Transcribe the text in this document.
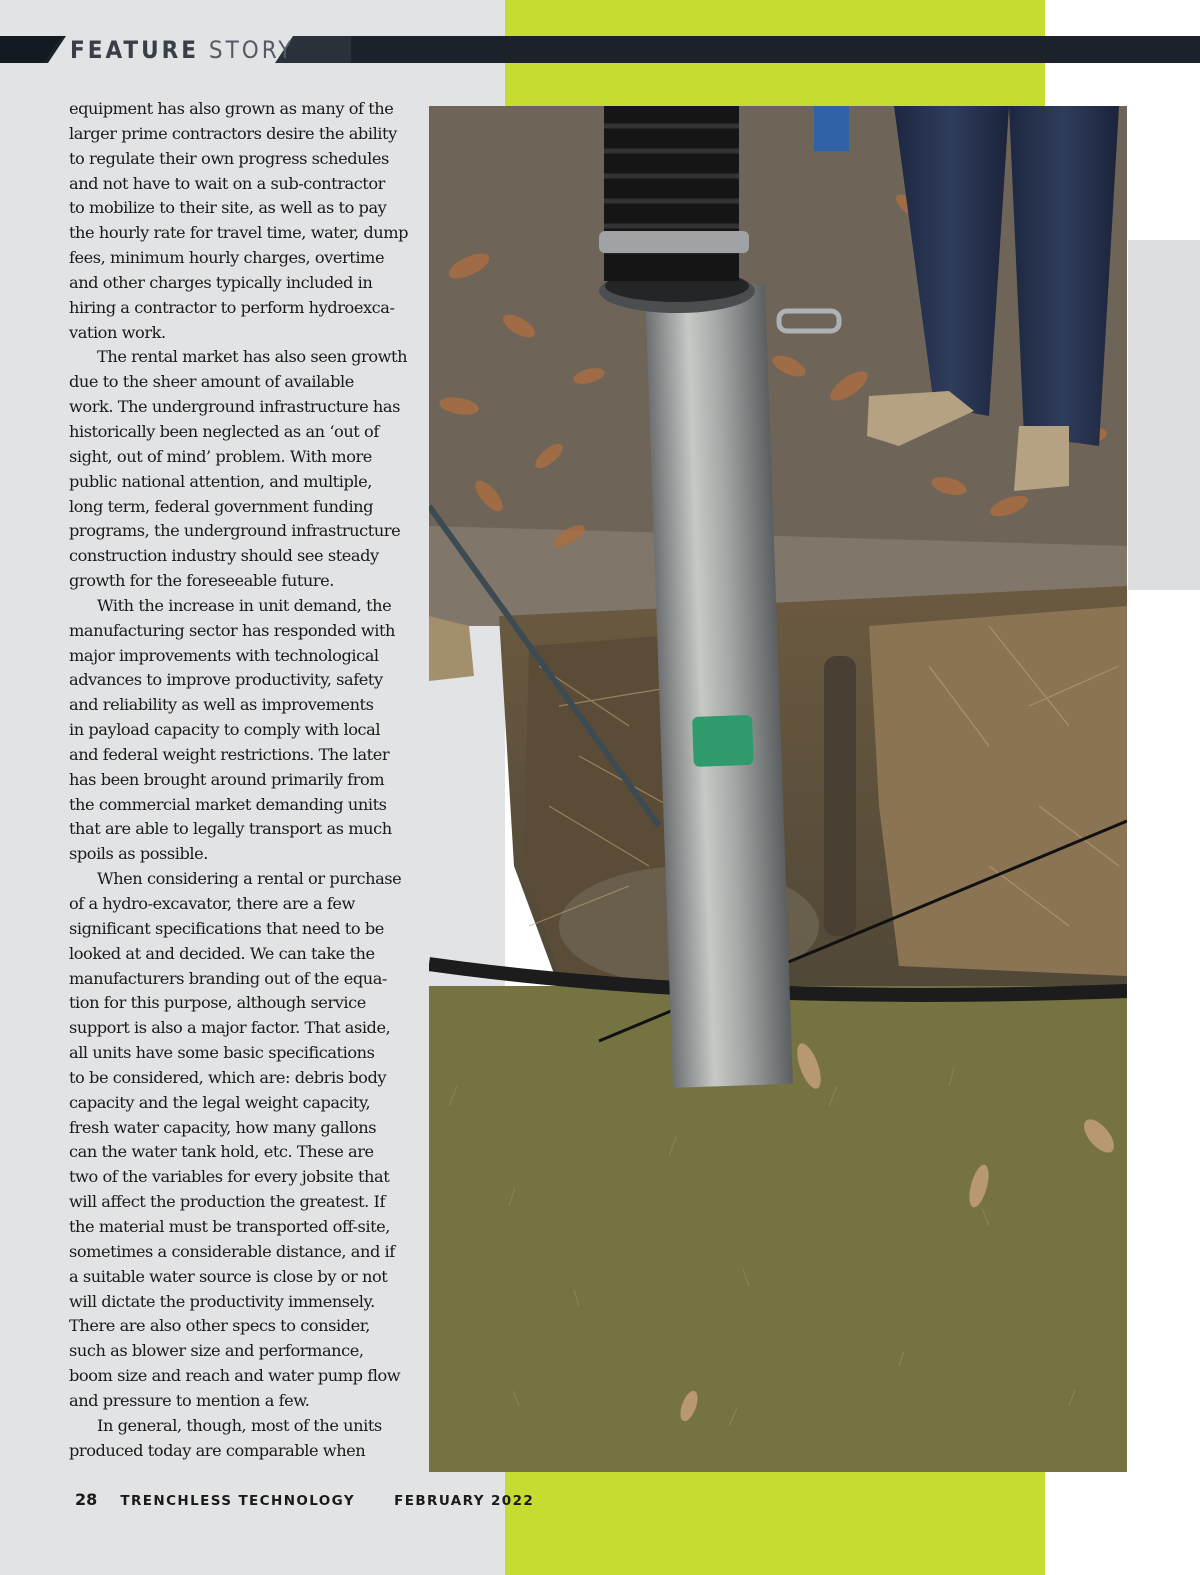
FEATURE STORY

equipment has also grown as many of the
larger prime contractors desire the ability
to regulate their own progress schedules
and not have to wait on a sub-contractor
to mobilize to their site, as well as to pay
the hourly rate for travel time, water, dump
fees, minimum hourly charges, overtime
and other charges typically included in
hiring a contractor to perform hydroexca-
vation work.

The rental market has also seen growth
due to the sheer amount of available
work. The underground infrastructure has
historically been neglected as an ‘out of
sight, out of mind’ problem. With more
public national attention, and multiple,
long term, federal government funding
programs, the underground infrastructure
construction industry should see steady
growth for the foreseeable future.

With the increase in unit demand, the
manufacturing sector has responded with
major improvements with technological
advances to improve productivity, safety
and reliability as well as improvements
in payload capacity to comply with local
and federal weight restrictions. The later
has been brought around primarily from
the commercial market demanding units
that are able to legally transport as much
spoils as possible.

When considering a rental or purchase
of a hydro-excavator, there are a few
significant specifications that need to be
looked at and decided. We can take the
manufacturers branding out of the equa-
tion for this purpose, although service
support is also a major factor. That aside,
all units have some basic specifications
to be considered, which are: debris body
capacity and the legal weight capacity,
fresh water capacity, how many gallons
can the water tank hold, etc. These are
two of the variables for every jobsite that
will affect the production the greatest. If
the material must be transported off-site,
sometimes a considerable distance, and if
a suitable water source is close by or not
will dictate the productivity immensely.
There are also other specs to consider,
such as blower size and performance,
boom size and reach and water pump flow
and pressure to mention a few.

In general, though, most of the units
produced today are comparable when

28 TRENCHLESS TECHNOLOGY	FEBRUARY 2022
